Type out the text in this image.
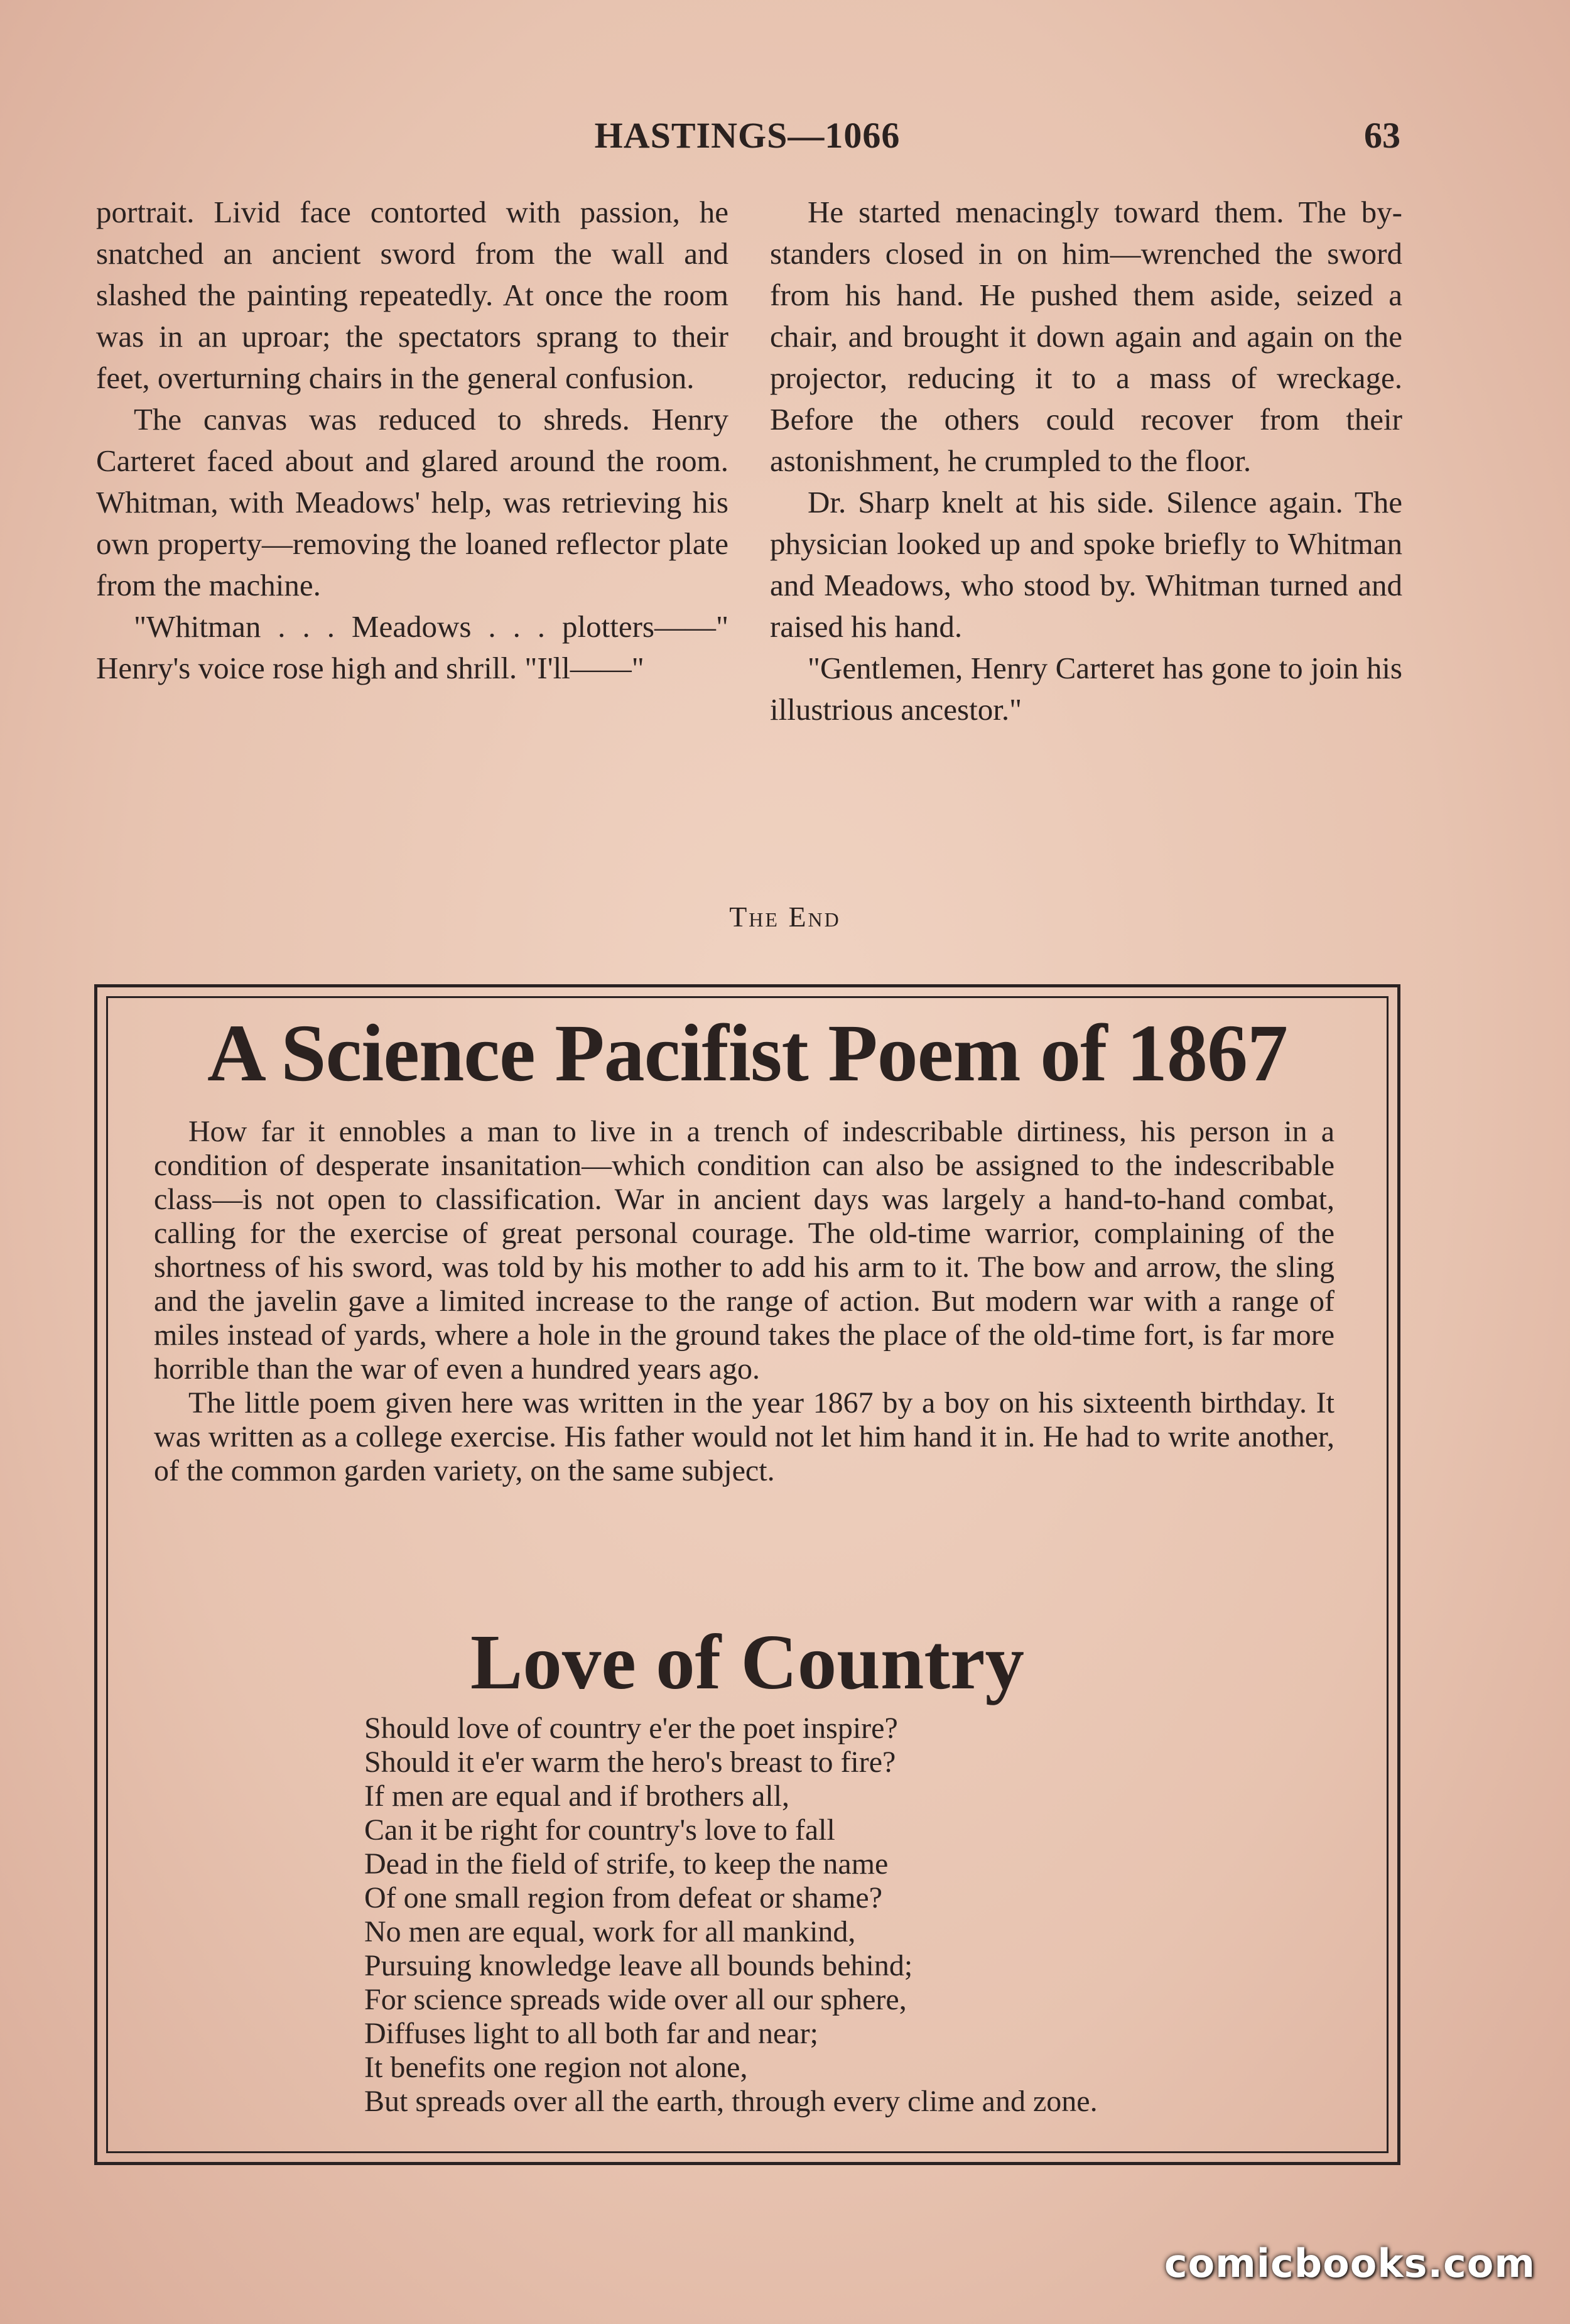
HASTINGS—1066	63

portrait. Livid face contorted with passion, he snatched an ancient sword from the wall and slashed the painting repeatedly. At once the room was in an uproar; the spectators sprang to their feet, overturning chairs in the general confusion.

The canvas was reduced to shreds. Henry Carteret faced about and glared around the room. Whitman, with Meadows' help, was retrieving his own property—removing the loaned reflector plate from the machine.

"Whitman . . . Meadows . . . plotters——" Henry's voice rose high and shrill. "I'll——"

He started menacingly toward them. The by-standers closed in on him—wrenched the sword from his hand. He pushed them aside, seized a chair, and brought it down again and again on the projector, reducing it to a mass of wreckage. Before the others could recover from their astonishment, he crumpled to the floor.

Dr. Sharp knelt at his side. Silence again. The physician looked up and spoke briefly to Whitman and Meadows, who stood by. Whitman turned and raised his hand.

"Gentlemen, Henry Carteret has gone to join his illustrious ancestor."

The End
A Science Pacifist Poem of 1867

How far it ennobles a man to live in a trench of indescribable dirtiness, his person in a condition of desperate insanitation—which condition can also be assigned to the indescribable class—is not open to classification. War in ancient days was largely a hand-to-hand combat, calling for the exercise of great personal courage. The old-time warrior, complaining of the shortness of his sword, was told by his mother to add his arm to it. The bow and arrow, the sling and the javelin gave a limited increase to the range of action. But modern war with a range of miles instead of yards, where a hole in the ground takes the place of the old-time fort, is far more horrible than the war of even a hundred years ago.

The little poem given here was written in the year 1867 by a boy on his sixteenth birthday. It was written as a college exercise. His father would not let him hand it in. He had to write another, of the common garden variety, on the same subject.

Love of Country
Should love of country e'er the poet inspire?
Should it e'er warm the hero's breast to fire?
If men are equal and if brothers all,
Can it be right for country's love to fall
Dead in the field of strife, to keep the name
Of one small region from defeat or shame?
No men are equal, work for all mankind,
Pursuing knowledge leave all bounds behind;
For science spreads wide over all our sphere,
Diffuses light to all both far and near;
It benefits one region not alone,
But spreads over all the earth, through every clime and zone.
comicbooks.com
